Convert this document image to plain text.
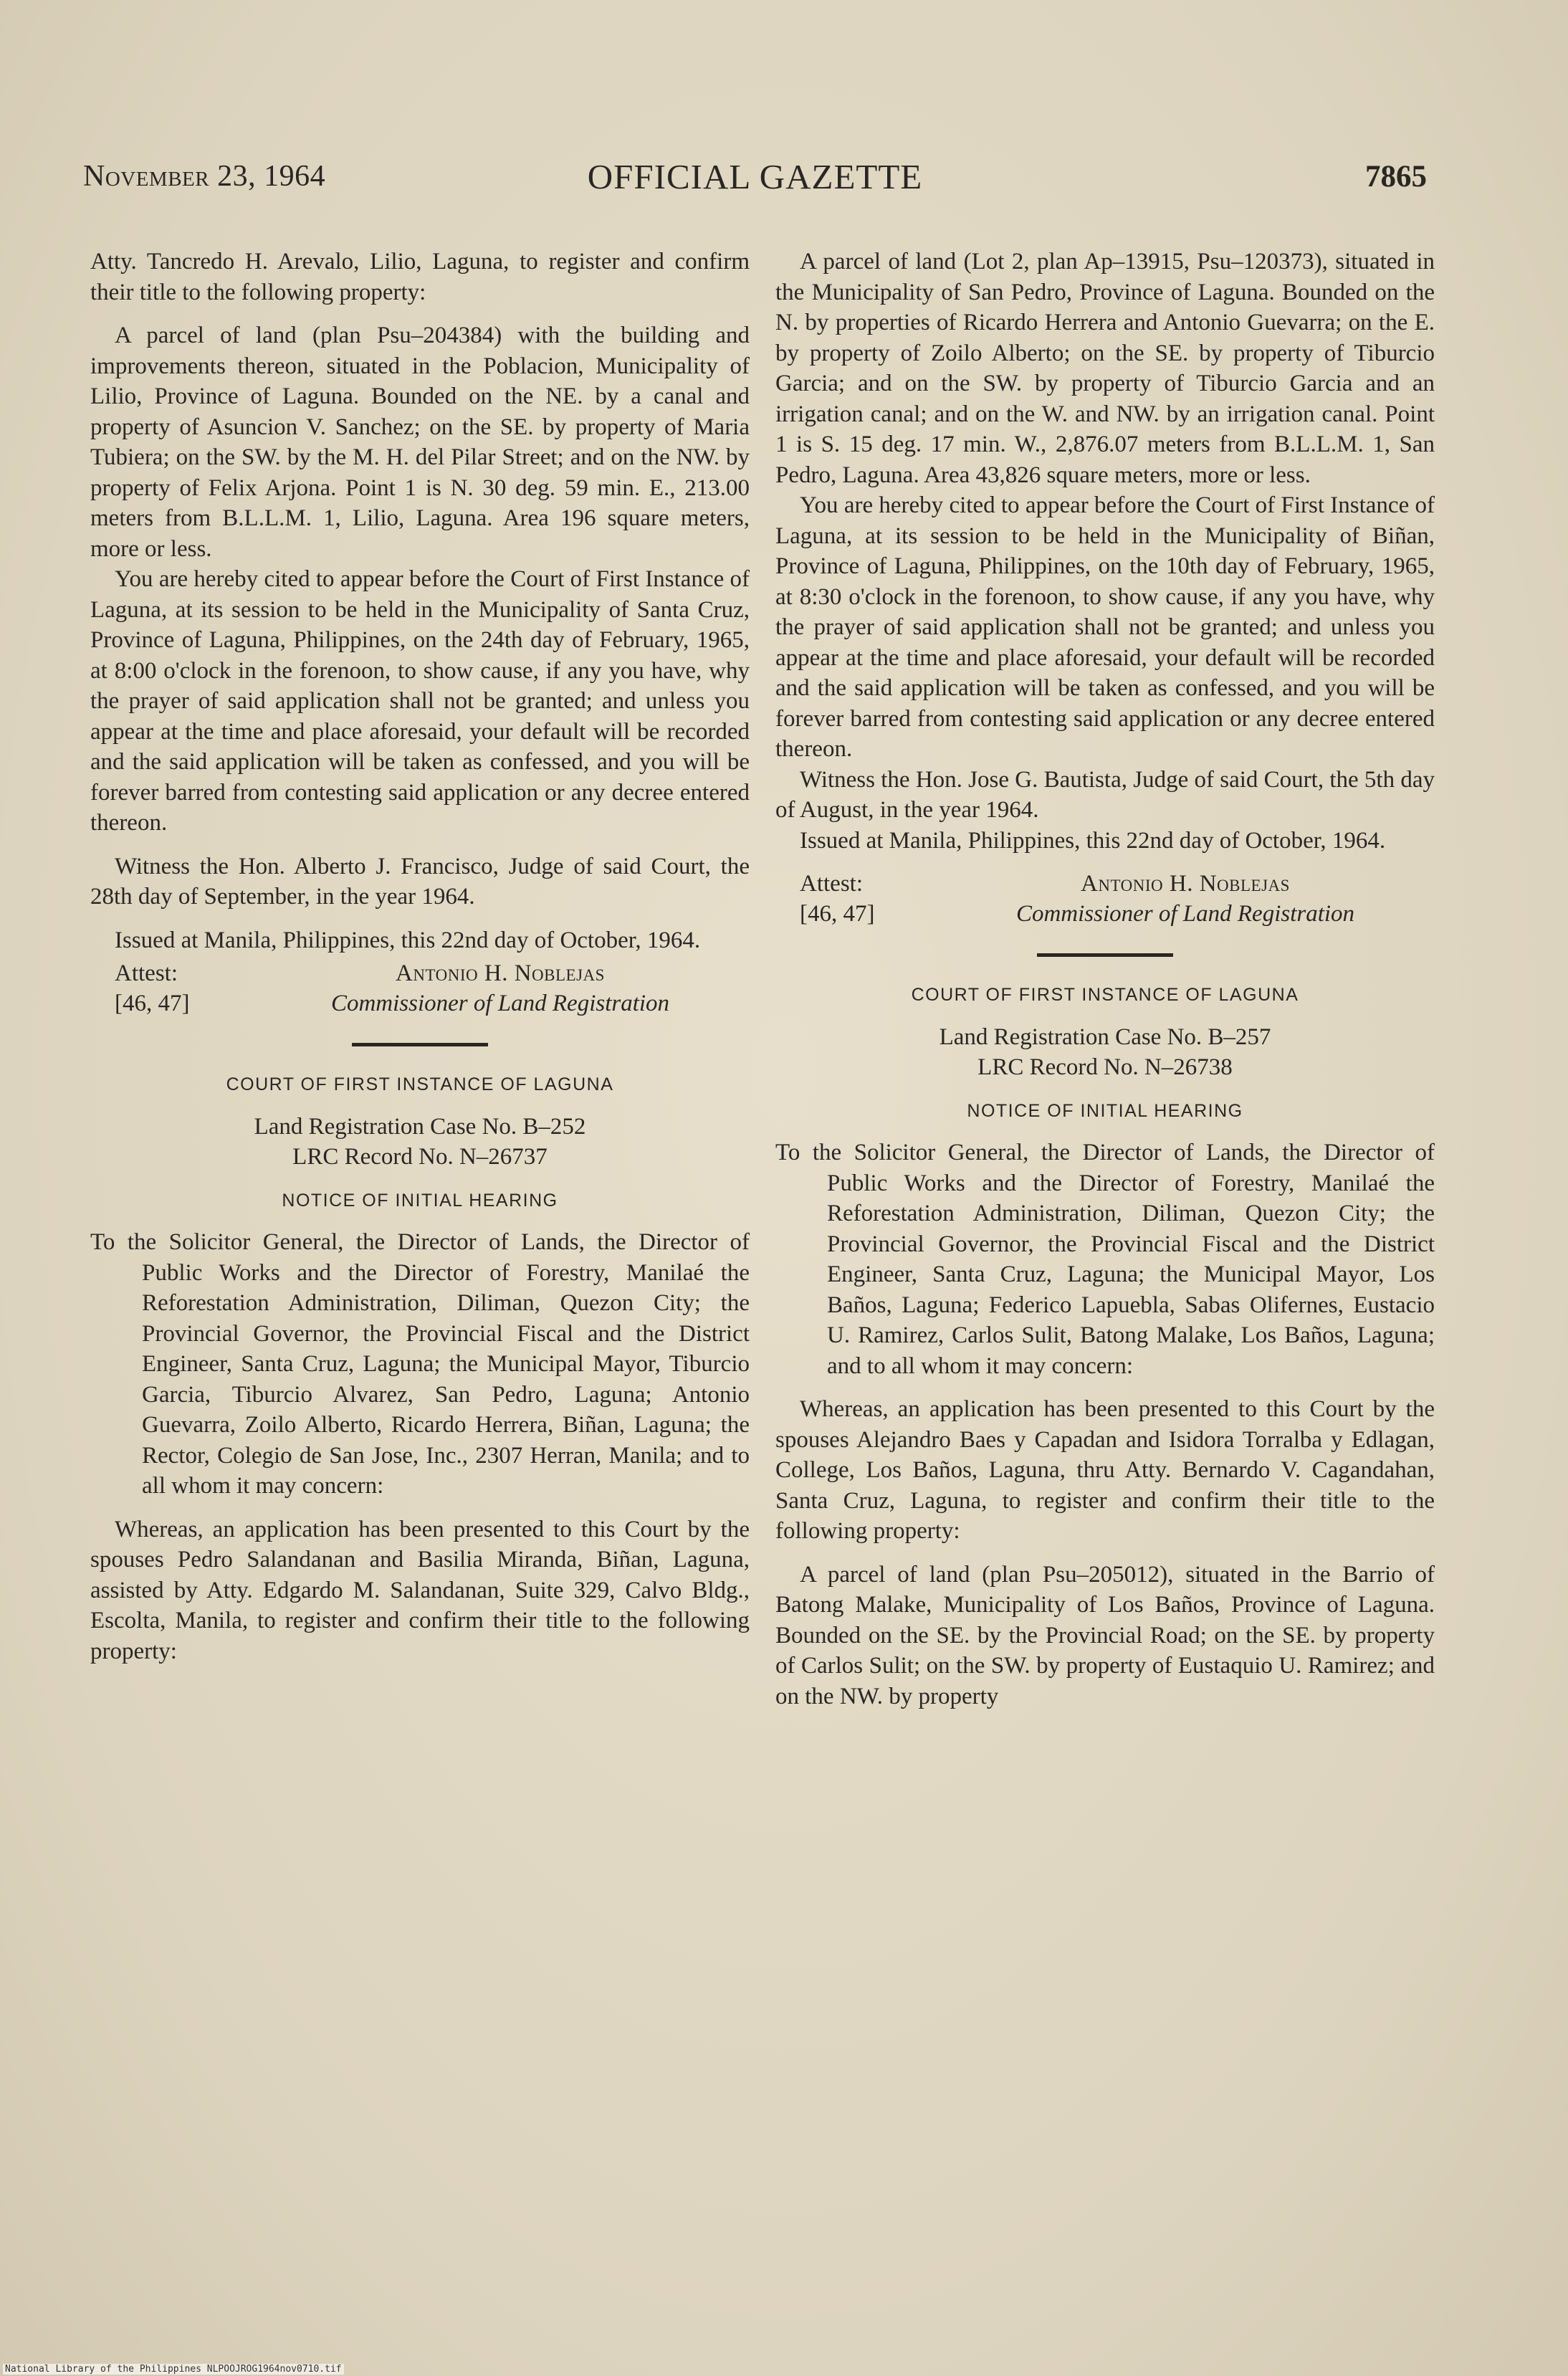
November 23, 1964	OFFICIAL GAZETTE	7865

Atty. Tancredo H. Arevalo, Lilio, Laguna, to register and confirm their title to the following property:

A parcel of land (plan Psu–204384) with the building and improvements thereon, situated in the Poblacion, Municipality of Lilio, Province of Laguna. Bounded on the NE. by a canal and property of Asuncion V. Sanchez; on the SE. by property of Maria Tubiera; on the SW. by the M. H. del Pilar Street; and on the NW. by property of Felix Arjona. Point 1 is N. 30 deg. 59 min. E., 213.00 meters from B.L.L.M. 1, Lilio, Laguna. Area 196 square meters, more or less.

You are hereby cited to appear before the Court of First Instance of Laguna, at its session to be held in the Municipality of Santa Cruz, Province of Laguna, Philippines, on the 24th day of February, 1965, at 8:00 o'clock in the forenoon, to show cause, if any you have, why the prayer of said application shall not be granted; and unless you appear at the time and place aforesaid, your default will be recorded and the said application will be taken as confessed, and you will be forever barred from contesting said application or any decree entered thereon.

Witness the Hon. Alberto J. Francisco, Judge of said Court, the 28th day of September, in the year 1964.

Issued at Manila, Philippines, this 22nd day of October, 1964.

Attest:
[46, 47]
Antonio H. Noblejas
Commissioner of Land Registration

COURT OF FIRST INSTANCE OF LAGUNA

Land Registration Case No. B–252

LRC Record No. N–26737

NOTICE OF INITIAL HEARING

To the Solicitor General, the Director of Lands, the Director of Public Works and the Director of Forestry, Manilaé the Reforestation Administration, Diliman, Quezon City; the Provincial Governor, the Provincial Fiscal and the District Engineer, Santa Cruz, Laguna; the Municipal Mayor, Tiburcio Garcia, Tiburcio Alvarez, San Pedro, Laguna; Antonio Guevarra, Zoilo Alberto, Ricardo Herrera, Biñan, Laguna; the Rector, Colegio de San Jose, Inc., 2307 Herran, Manila; and to all whom it may concern:

Whereas, an application has been presented to this Court by the spouses Pedro Salandanan and Basilia Miranda, Biñan, Laguna, assisted by Atty. Edgardo M. Salandanan, Suite 329, Calvo Bldg., Escolta, Manila, to register and confirm their title to the following property:

A parcel of land (Lot 2, plan Ap–13915, Psu–120373), situated in the Municipality of San Pedro, Province of Laguna. Bounded on the N. by properties of Ricardo Herrera and Antonio Guevarra; on the E. by property of Zoilo Alberto; on the SE. by property of Tiburcio Garcia; and on the SW. by property of Tiburcio Garcia and an irrigation canal; and on the W. and NW. by an irrigation canal. Point 1 is S. 15 deg. 17 min. W., 2,876.07 meters from B.L.L.M. 1, San Pedro, Laguna. Area 43,826 square meters, more or less.

You are hereby cited to appear before the Court of First Instance of Laguna, at its session to be held in the Municipality of Biñan, Province of Laguna, Philippines, on the 10th day of February, 1965, at 8:30 o'clock in the forenoon, to show cause, if any you have, why the prayer of said application shall not be granted; and unless you appear at the time and place aforesaid, your default will be recorded and the said application will be taken as confessed, and you will be forever barred from contesting said application or any decree entered thereon.

Witness the Hon. Jose G. Bautista, Judge of said Court, the 5th day of August, in the year 1964.

Issued at Manila, Philippines, this 22nd day of October, 1964.

Attest:
[46, 47]
Antonio H. Noblejas
Commissioner of Land Registration

COURT OF FIRST INSTANCE OF LAGUNA

Land Registration Case No. B–257

LRC Record No. N–26738

NOTICE OF INITIAL HEARING

To the Solicitor General, the Director of Lands, the Director of Public Works and the Director of Forestry, Manilaé the Reforestation Administration, Diliman, Quezon City; the Provincial Governor, the Provincial Fiscal and the District Engineer, Santa Cruz, Laguna; the Municipal Mayor, Los Baños, Laguna; Federico Lapuebla, Sabas Olifernes, Eustacio U. Ramirez, Carlos Sulit, Batong Malake, Los Baños, Laguna; and to all whom it may concern:

Whereas, an application has been presented to this Court by the spouses Alejandro Baes y Capadan and Isidora Torralba y Edlagan, College, Los Baños, Laguna, thru Atty. Bernardo V. Cagandahan, Santa Cruz, Laguna, to register and confirm their title to the following property:

A parcel of land (plan Psu–205012), situated in the Barrio of Batong Malake, Municipality of Los Baños, Province of Laguna. Bounded on the SE. by the Provincial Road; on the SE. by property of Carlos Sulit; on the SW. by property of Eustaquio U. Ramirez; and on the NW. by property

National Library of the Philippines NLPOOJROG1964nov0710.tif
